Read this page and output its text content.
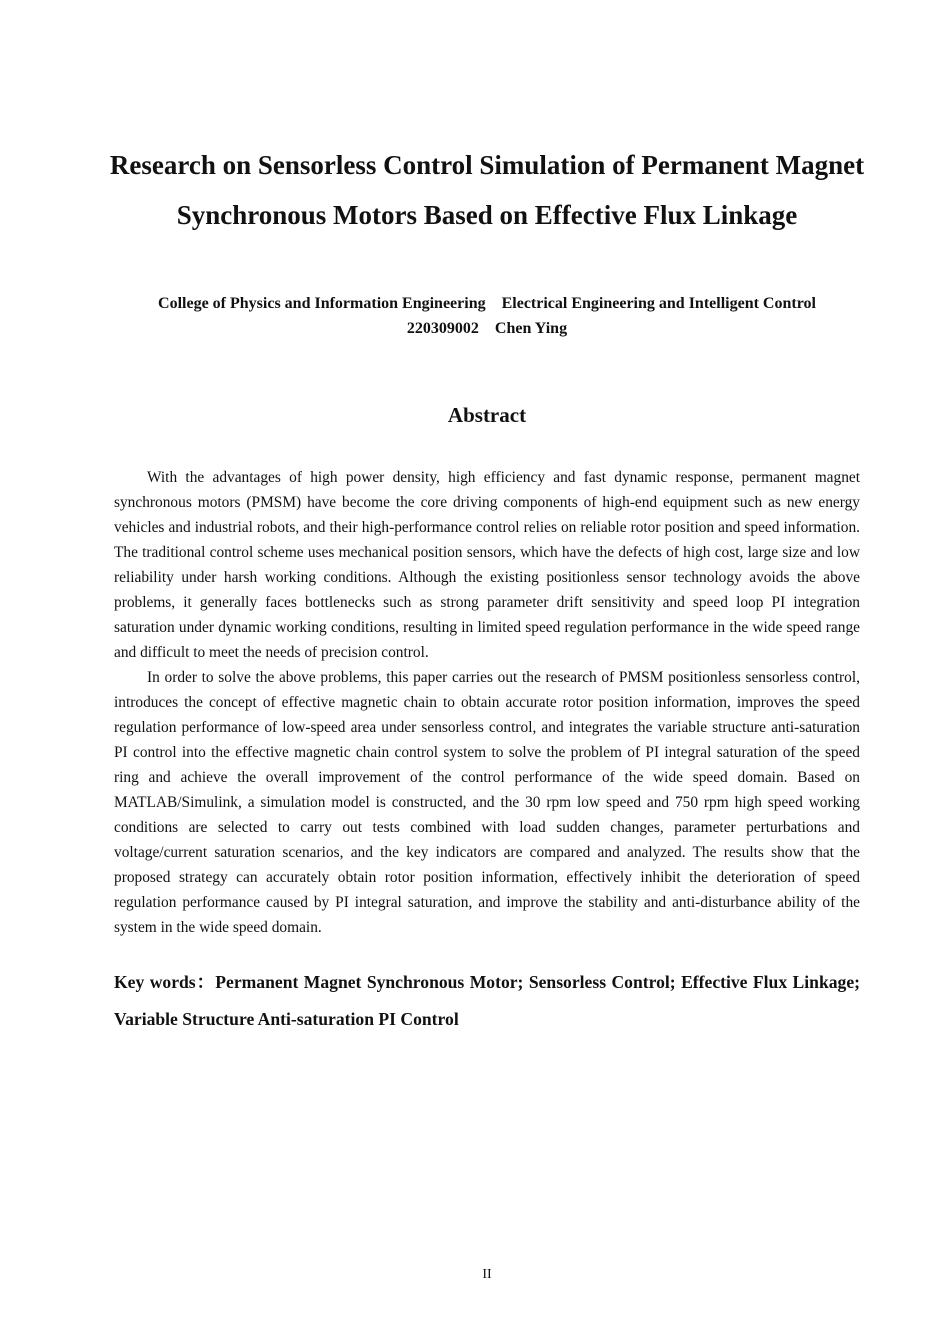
Research on Sensorless Control Simulation of Permanent Magnet Synchronous Motors Based on Effective Flux Linkage
College of Physics and Information Engineering    Electrical Engineering and Intelligent Control
220309002    Chen Ying
Abstract

With the advantages of high power density, high efficiency and fast dynamic response, permanent magnet synchronous motors (PMSM) have become the core driving components of high-end equipment such as new energy vehicles and industrial robots, and their high-performance control relies on reliable rotor position and speed information. The traditional control scheme uses mechanical position sensors, which have the defects of high cost, large size and low reliability under harsh working conditions. Although the existing positionless sensor technology avoids the above problems, it generally faces bottlenecks such as strong parameter drift sensitivity and speed loop PI integration saturation under dynamic working conditions, resulting in limited speed regulation performance in the wide speed range and difficult to meet the needs of precision control.

In order to solve the above problems, this paper carries out the research of PMSM positionless sensorless control, introduces the concept of effective magnetic chain to obtain accurate rotor position information, improves the speed regulation performance of low-speed area under sensorless control, and integrates the variable structure anti-saturation PI control into the effective magnetic chain control system to solve the problem of PI integral saturation of the speed ring and achieve the overall improvement of the control performance of the wide speed domain. Based on MATLAB/Simulink, a simulation model is constructed, and the 30 rpm low speed and 750 rpm high speed working conditions are selected to carry out tests combined with load sudden changes, parameter perturbations and voltage/current saturation scenarios, and the key indicators are compared and analyzed. The results show that the proposed strategy can accurately obtain rotor position information, effectively inhibit the deterioration of speed regulation performance caused by PI integral saturation, and improve the stability and anti-disturbance ability of the system in the wide speed domain.

Key words：Permanent Magnet Synchronous Motor; Sensorless Control; Effective Flux Linkage; Variable Structure Anti-saturation PI Control

II
